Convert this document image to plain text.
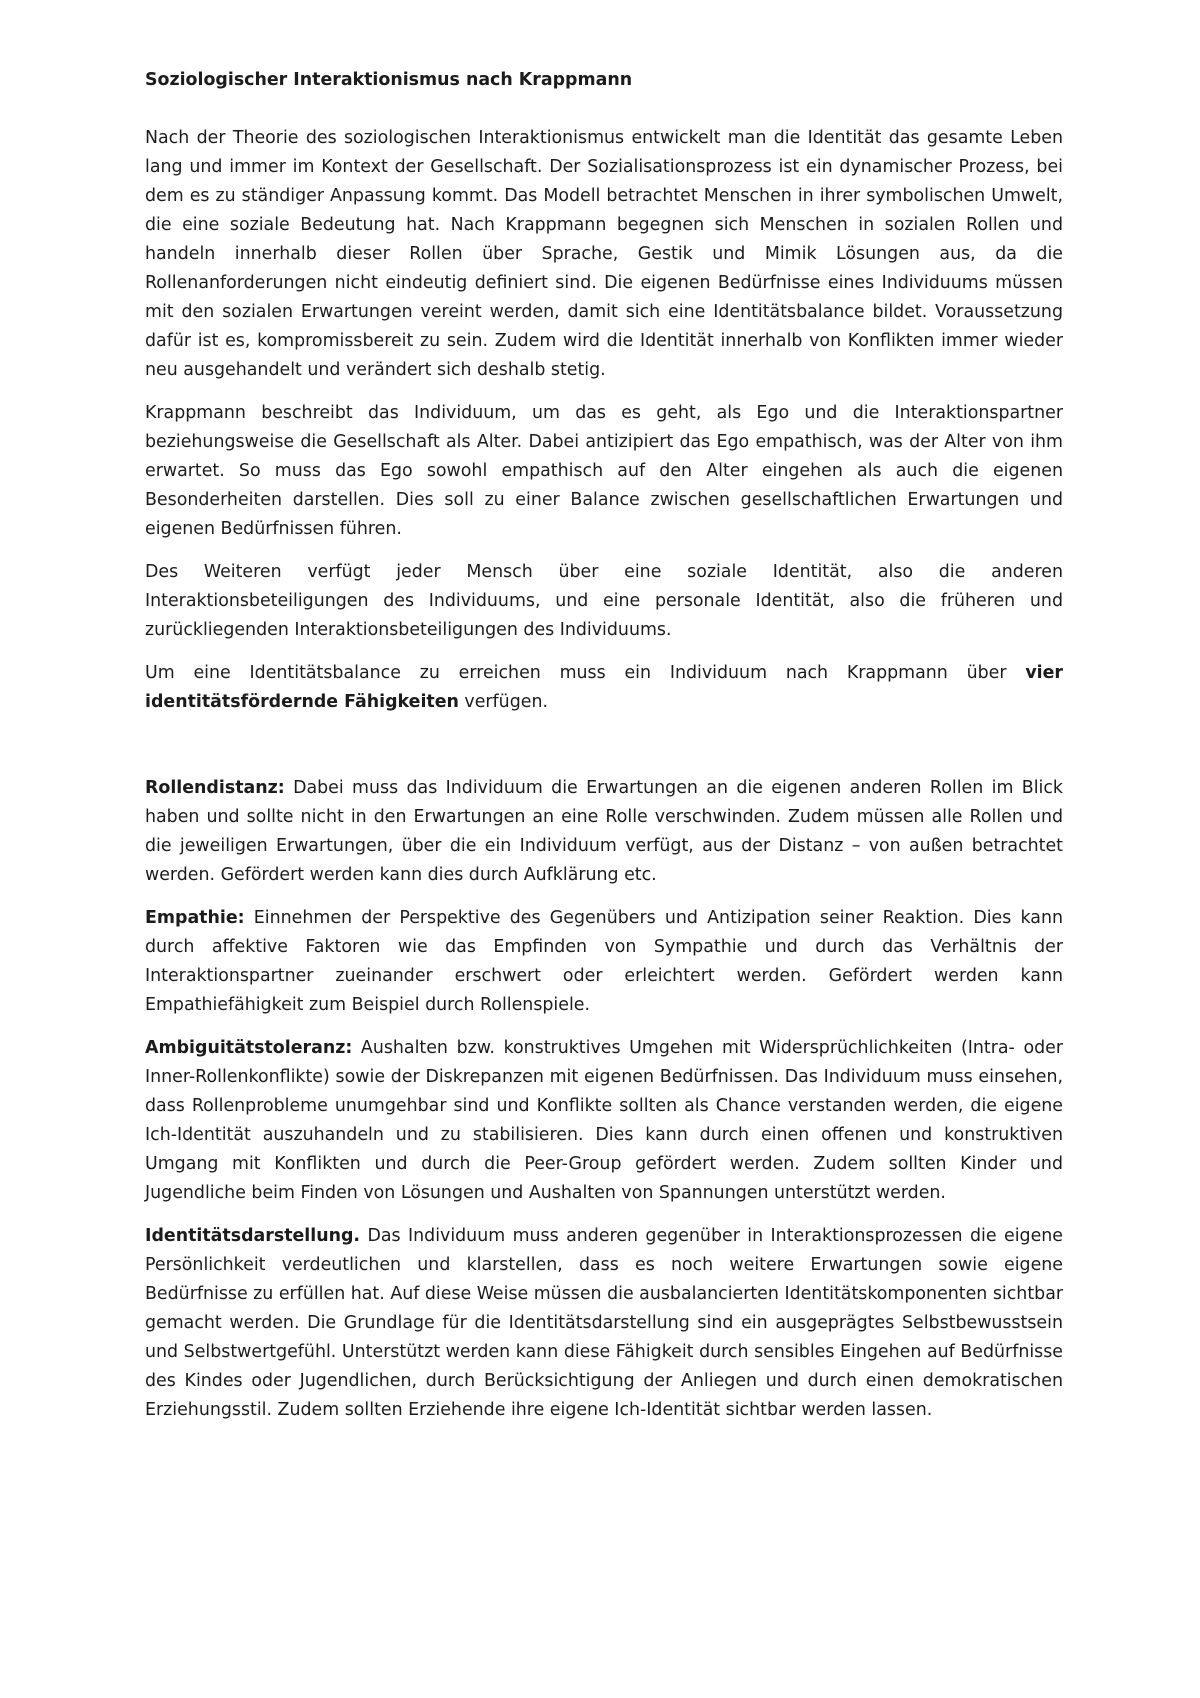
Soziologischer Interaktionismus nach Krappmann

Nach der Theorie des soziologischen Interaktionismus entwickelt man die Identität das gesamte Leben lang und immer im Kontext der Gesellschaft. Der Sozialisationsprozess ist ein dynamischer Prozess, bei dem es zu ständiger Anpassung kommt. Das Modell betrachtet Menschen in ihrer symbolischen Umwelt, die eine soziale Bedeutung hat. Nach Krappmann begegnen sich Menschen in sozialen Rollen und handeln innerhalb dieser Rollen über Sprache, Gestik und Mimik Lösungen aus, da die Rollenanforderungen nicht eindeutig definiert sind. Die eigenen Bedürfnisse eines Individuums müssen mit den sozialen Erwartungen vereint werden, damit sich eine Identitätsbalance bildet. Voraussetzung dafür ist es, kompromissbereit zu sein. Zudem wird die Identität innerhalb von Konflikten immer wieder neu ausgehandelt und verändert sich deshalb stetig.

Krappmann beschreibt das Individuum, um das es geht, als Ego und die Interaktionspartner beziehungsweise die Gesellschaft als Alter. Dabei antizipiert das Ego empathisch, was der Alter von ihm erwartet. So muss das Ego sowohl empathisch auf den Alter eingehen als auch die eigenen Besonderheiten darstellen. Dies soll zu einer Balance zwischen gesellschaftlichen Erwartungen und eigenen Bedürfnissen führen.

Des Weiteren verfügt jeder Mensch über eine soziale Identität, also die anderen Interaktionsbeteiligungen des Individuums, und eine personale Identität, also die früheren und zurückliegenden Interaktionsbeteiligungen des Individuums.

Um eine Identitätsbalance zu erreichen muss ein Individuum nach Krappmann über vier identitätsfördernde Fähigkeiten verfügen.

Rollendistanz: Dabei muss das Individuum die Erwartungen an die eigenen anderen Rollen im Blick haben und sollte nicht in den Erwartungen an eine Rolle verschwinden. Zudem müssen alle Rollen und die jeweiligen Erwartungen, über die ein Individuum verfügt, aus der Distanz – von außen betrachtet werden. Gefördert werden kann dies durch Aufklärung etc.

Empathie: Einnehmen der Perspektive des Gegenübers und Antizipation seiner Reaktion. Dies kann durch affektive Faktoren wie das Empfinden von Sympathie und durch das Verhältnis der Interaktionspartner zueinander erschwert oder erleichtert werden. Gefördert werden kann Empathiefähigkeit zum Beispiel durch Rollenspiele.

Ambiguitätstoleranz: Aushalten bzw. konstruktives Umgehen mit Widersprüchlichkeiten (Intra- oder Inner-Rollenkonflikte) sowie der Diskrepanzen mit eigenen Bedürfnissen. Das Individuum muss einsehen, dass Rollenprobleme unumgehbar sind und Konflikte sollten als Chance verstanden werden, die eigene Ich-Identität auszuhandeln und zu stabilisieren. Dies kann durch einen offenen und konstruktiven Umgang mit Konflikten und durch die Peer-Group gefördert werden. Zudem sollten Kinder und Jugendliche beim Finden von Lösungen und Aushalten von Spannungen unterstützt werden.

Identitätsdarstellung. Das Individuum muss anderen gegenüber in Interaktionsprozessen die eigene Persönlichkeit verdeutlichen und klarstellen, dass es noch weitere Erwartungen sowie eigene Bedürfnisse zu erfüllen hat. Auf diese Weise müssen die ausbalancierten Identitätskomponenten sichtbar gemacht werden. Die Grundlage für die Identitätsdarstellung sind ein ausgeprägtes Selbstbewusstsein und Selbstwertgefühl. Unterstützt werden kann diese Fähigkeit durch sensibles Eingehen auf Bedürfnisse des Kindes oder Jugendlichen, durch Berücksichtigung der Anliegen und durch einen demokratischen Erziehungsstil. Zudem sollten Erziehende ihre eigene Ich-Identität sichtbar werden lassen.
